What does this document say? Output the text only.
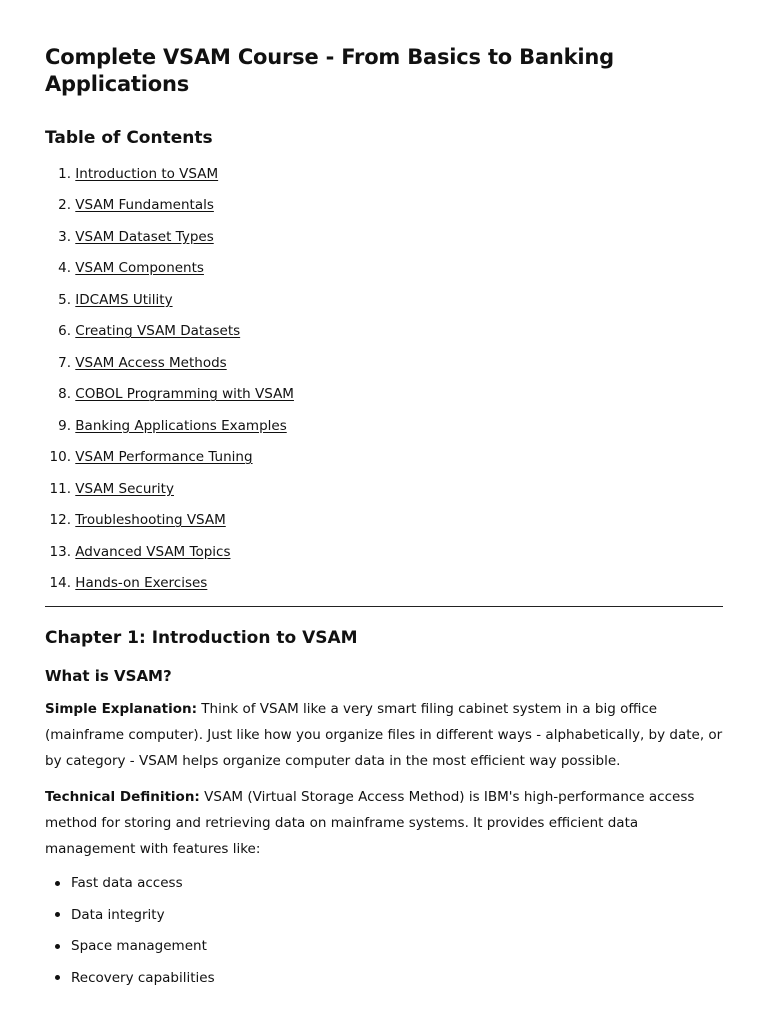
Complete VSAM Course - From Basics to Banking Applications
Table of Contents
1.
Introduction to VSAM
2.
VSAM Fundamentals
3.
VSAM Dataset Types
4.
VSAM Components
5.
IDCAMS Utility
6.
Creating VSAM Datasets
7.
VSAM Access Methods
8.
COBOL Programming with VSAM
9.
Banking Applications Examples
10.
VSAM Performance Tuning
11.
VSAM Security
12.
Troubleshooting VSAM
13.
Advanced VSAM Topics
14.
Hands-on Exercises
Chapter 1: Introduction to VSAM
What is VSAM?

Simple Explanation: Think of VSAM like a very smart filing cabinet system in a big office (mainframe computer). Just like how you organize files in different ways - alphabetically, by date, or by category - VSAM helps organize computer data in the most efficient way possible.

Technical Definition: VSAM (Virtual Storage Access Method) is IBM's high-performance access method for storing and retrieving data on mainframe systems. It provides efficient data management with features like:

Fast data access
Data integrity
Space management
Recovery capabilities
